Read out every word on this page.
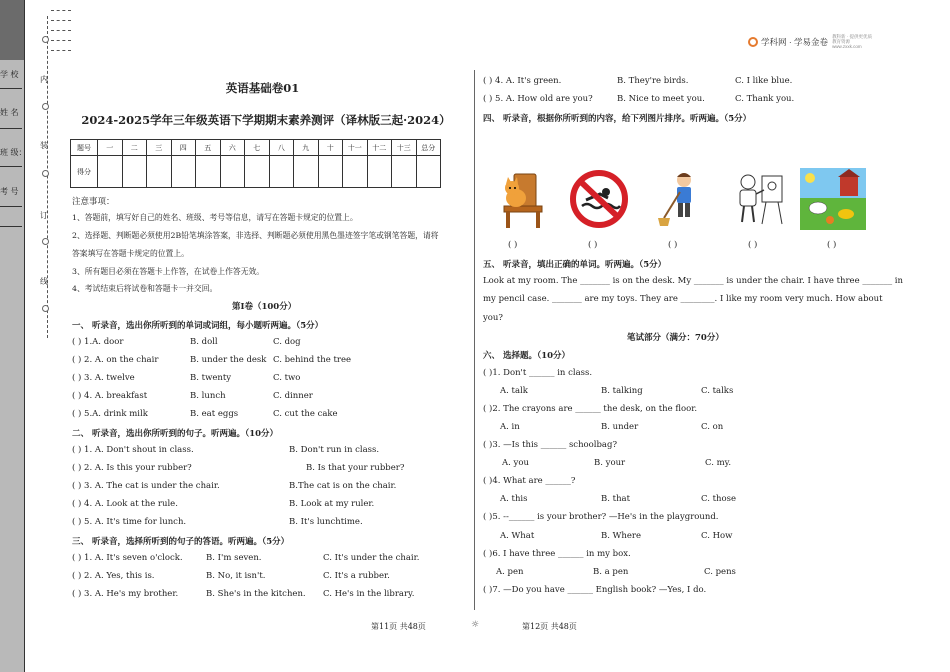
学 校
姓 名
班 级：
考 号
内
装
订
线
学科网 · 学易金卷 教科新 · 提供更优质教育资源 www.zxxk.com
英语基础卷01
2024-2025学年三年级英语下学期期末素养测评（译林版三起·2024）
题号	一	二	三	四	五	六	七	八	九	十	十一	十二	十三	总分
得分														
注意事项：
1、答题前，填写好自己的姓名、班级、考号等信息，请写在答题卡规定的位置上。
2、选择题、判断题必须使用2B铅笔填涂答案，非选择、判断题必须使用黑色墨迹签字笔或钢笔答题，请将
答案填写在答题卡规定的位置上。
3、所有题目必须在答题卡上作答，在试卷上作答无效。
4、考试结束后将试卷和答题卡一并交回。
第Ⅰ卷（100分）
一、 听录音，选出你所听到的单词或词组，每小题听两遍。（5分）
( ) 1.A. door	B. doll	C. dog
( ) 2. A. on the chair	B. under the desk C. behind the tree
( ) 3. A. twelve	B. twenty	C. two
( ) 4. A. breakfast	B. lunch	C. dinner
( ) 5.A. drink milk	B. eat eggs	C. cut the cake
二、 听录音，选出你所听到的句子。听两遍。（10分）
( ) 1. A. Don't shout in class.	B. Don't run in class.
( ) 2. A. Is this your rubber?	B. Is that your rubber?
( ) 3. A. The cat is under the chair.	B.The cat is on the chair.
( ) 4. A. Look at the rule.	B. Look at my ruler.
( ) 5. A. It's time for lunch.	B. It's lunchtime.
三、 听录音，选择所听到的句子的答语。听两遍。（5分）
( ) 1. A. It's seven o'clock.	B. I'm seven.	C. It's under the chair.
( ) 2. A. Yes, this is.	B. No, it isn't.	C. It's a rubber.
( ) 3. A. He's my brother.	B. She's in the kitchen. C. He's in the library.
第11页 共48页	☼
( ) 4. A. It's green.	B. They're birds.	C. I like blue.
( ) 5. A. How old are you?	B. Nice to meet you.	C. Thank you.
四、 听录音，根据你所听到的内容，给下列图片排序。听两遍。（5分）
( )	( )	( )	( )	( )
五、 听录音，填出正确的单词。听两遍。（5分）
Look at my room. The _______ is on the desk. My _______ is under the chair. I have three _______ in
my pencil case. _______ are my toys. They are ________. I like my room very much. How about
you?
笔试部分（满分：70分）
六、 选择题。（10分）
( )1. Don't ______ in class.
A. talk	B. talking	C. talks
( )2. The crayons are ______ the desk, on the floor.
A. in	B. under	C. on
( )3. —Is this ______ schoolbag?
A. you	B. your	C. my.
( )4. What are ______?
A. this	B. that	C. those
( )5. --______ is your brother? —He's in the playground.
A. What	B. Where	C. How
( )6. I have three ______ in my box.
A. pen	B. a pen	C. pens
( )7. —Do you have ______ English book? —Yes, I do.
第12页 共48页
